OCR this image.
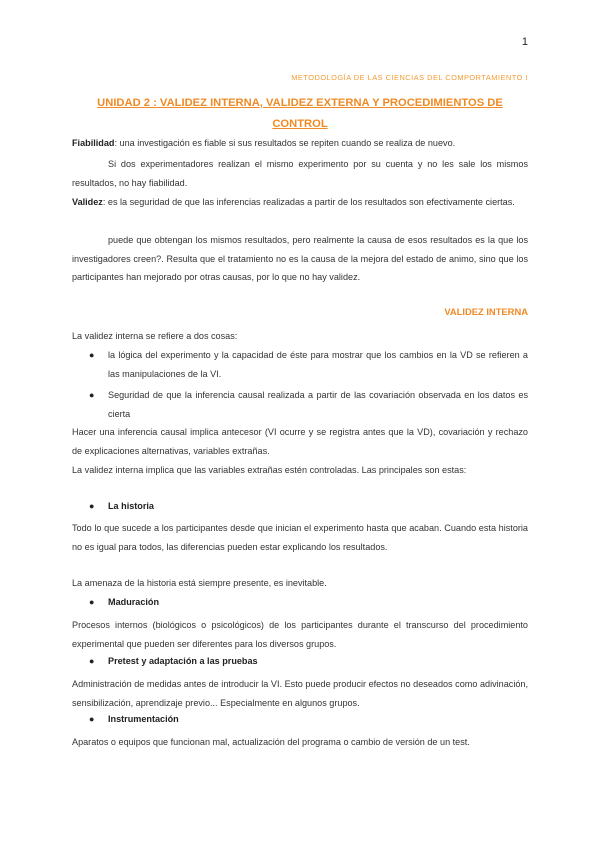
1
METODOLOGÍA DE LAS CIENCIAS DEL COMPORTAMIENTO I
UNIDAD 2 : VALIDEZ INTERNA, VALIDEZ EXTERNA Y PROCEDIMIENTOS DE
CONTROL
Fiabilidad: una investigación es fiable si sus resultados se repiten cuando se realiza de nuevo.
Si dos experimentadores realizan el mismo experimento por su cuenta y no les sale los mismos resultados, no hay fiabilidad.
Validez: es la seguridad de que las inferencias realizadas a partir de los resultados son efectivamente ciertas.
puede que obtengan los mismos resultados, pero realmente la causa de esos resultados es la que los investigadores creen?. Resulta que el tratamiento no es la causa de la mejora del estado de animo, sino que los participantes han mejorado por otras causas, por lo que no hay validez.
VALIDEZ INTERNA
La validez interna se refiere a dos cosas:
● la lógica del experimento y la capacidad de éste para mostrar que los cambios en la VD se refieren a las manipulaciones de la VI.
● Seguridad de que la inferencia causal realizada a partir de las covariación observada en los datos es cierta
Hacer una inferencia causal implica antecesor (VI ocurre y se registra antes que la VD), covariación y rechazo de explicaciones alternativas, variables extrañas.
La validez interna implica que las variables extrañas estén controladas. Las principales son estas:
● La historia
Todo lo que sucede a los participantes desde que inician el experimento hasta que acaban. Cuando esta historia no es igual para todos, las diferencias pueden estar explicando los resultados.
La amenaza de la historia está siempre presente, es inevitable.
● Maduración
Procesos internos (biológicos o psicológicos) de los participantes durante el transcurso del procedimiento experimental que pueden ser diferentes para los diversos grupos.
● Pretest y adaptación a las pruebas
Administración de medidas antes de introducir la VI. Esto puede producir efectos no deseados como adivinación, sensibilización, aprendizaje previo... Especialmente en algunos grupos.
● Instrumentación
Aparatos o equipos que funcionan mal, actualización del programa o cambio de versión de un test.
